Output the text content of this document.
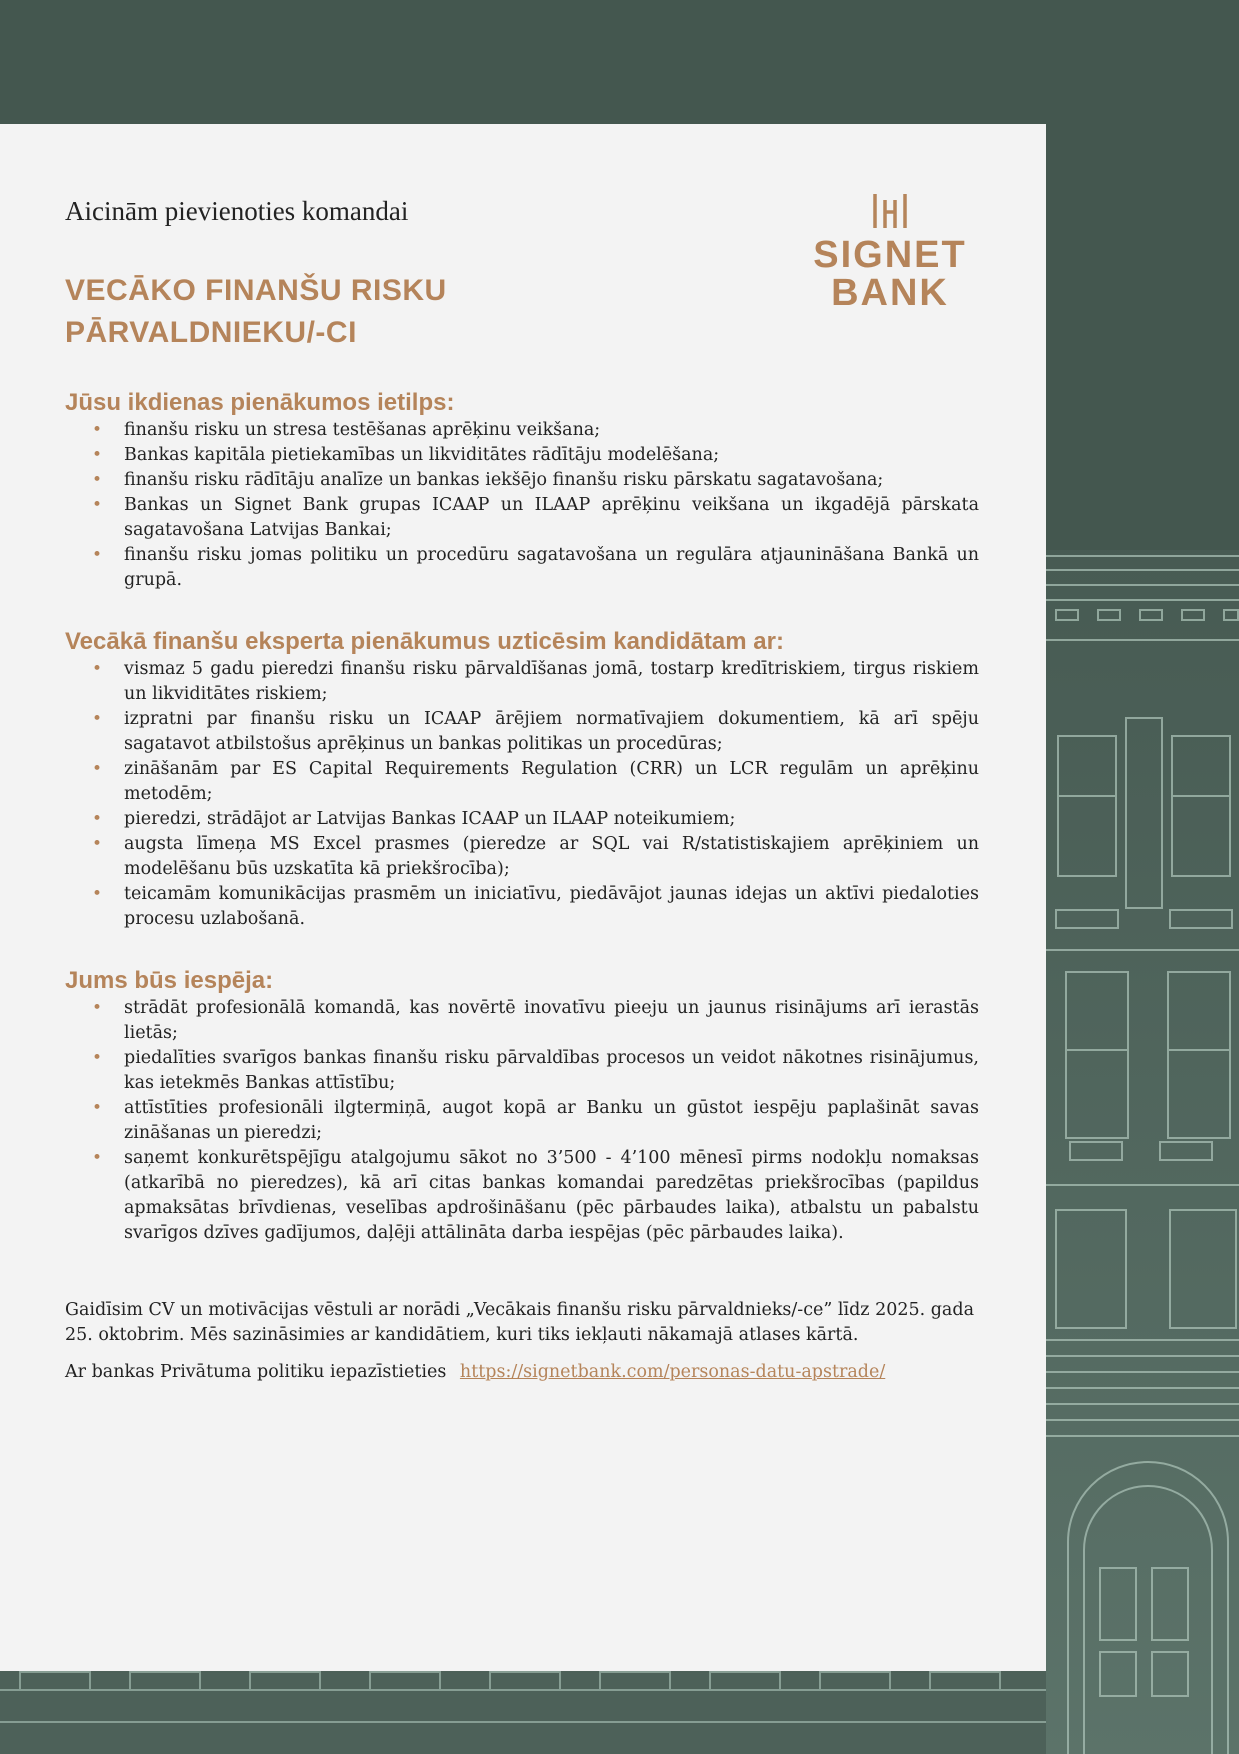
Aicinām pievienoties komandai
VECĀKO FINANŠU RISKU
PĀRVALDNIEKU/-CI
SIGNET
BANK
Jūsu ikdienas pienākumos ietilps:
• finanšu risku un stresa testēšanas aprēķinu veikšana;
• Bankas kapitāla pietiekamības un likviditātes rādītāju modelēšana;
• finanšu risku rādītāju analīze un bankas iekšējo finanšu risku pārskatu sagatavošana;
• Bankas un Signet Bank grupas ICAAP un ILAAP aprēķinu veikšana un ikgadējā pārskata sagatavošana Latvijas Bankai;
• finanšu risku jomas politiku un procedūru sagatavošana un regulāra atjaunināšana Bankā un grupā.
Vecākā finanšu eksperta pienākumus uzticēsim kandidātam ar:
• vismaz 5 gadu pieredzi finanšu risku pārvaldīšanas jomā, tostarp kredītriskiem, tirgus riskiem un likviditātes riskiem;
• izpratni par finanšu risku un ICAAP ārējiem normatīvajiem dokumentiem, kā arī spēju sagatavot atbilstošus aprēķinus un bankas politikas un procedūras;
• zināšanām par ES Capital Requirements Regulation (CRR) un LCR regulām un aprēķinu metodēm;
• pieredzi, strādājot ar Latvijas Bankas ICAAP un ILAAP noteikumiem;
• augsta līmeņa MS Excel prasmes (pieredze ar SQL vai R/statistiskajiem aprēķiniem un modelēšanu būs uzskatīta kā priekšrocība);
• teicamām komunikācijas prasmēm un iniciatīvu, piedāvājot jaunas idejas un aktīvi piedaloties procesu uzlabošanā.
Jums būs iespēja:
• strādāt profesionālā komandā, kas novērtē inovatīvu pieeju un jaunus risinājums arī ierastās lietās;
• piedalīties svarīgos bankas finanšu risku pārvaldības procesos un veidot nākotnes risinājumus, kas ietekmēs Bankas attīstību;
• attīstīties profesionāli ilgtermiņā, augot kopā ar Banku un gūstot iespēju paplašināt savas zināšanas un pieredzi;
• saņemt konkurētspējīgu atalgojumu sākot no 3’500 - 4’100 mēnesī pirms nodokļu nomaksas (atkarībā no pieredzes), kā arī citas bankas komandai paredzētas priekšrocības (papildus apmaksātas brīvdienas, veselības apdrošināšanu (pēc pārbaudes laika), atbalstu un pabalstu svarīgos dzīves gadījumos, daļēji attālināta darba iespējas (pēc pārbaudes laika).

Gaidīsim CV un motivācijas vēstuli ar norādi „Vecākais finanšu risku pārvaldnieks/-ce” līdz 2025. gada 25. oktobrim. Mēs sazināsimies ar kandidātiem, kuri tiks iekļauti nākamajā atlases kārtā.

Ar bankas Privātuma politiku iepazīstieties https://signetbank.com/personas-datu-apstrade/
